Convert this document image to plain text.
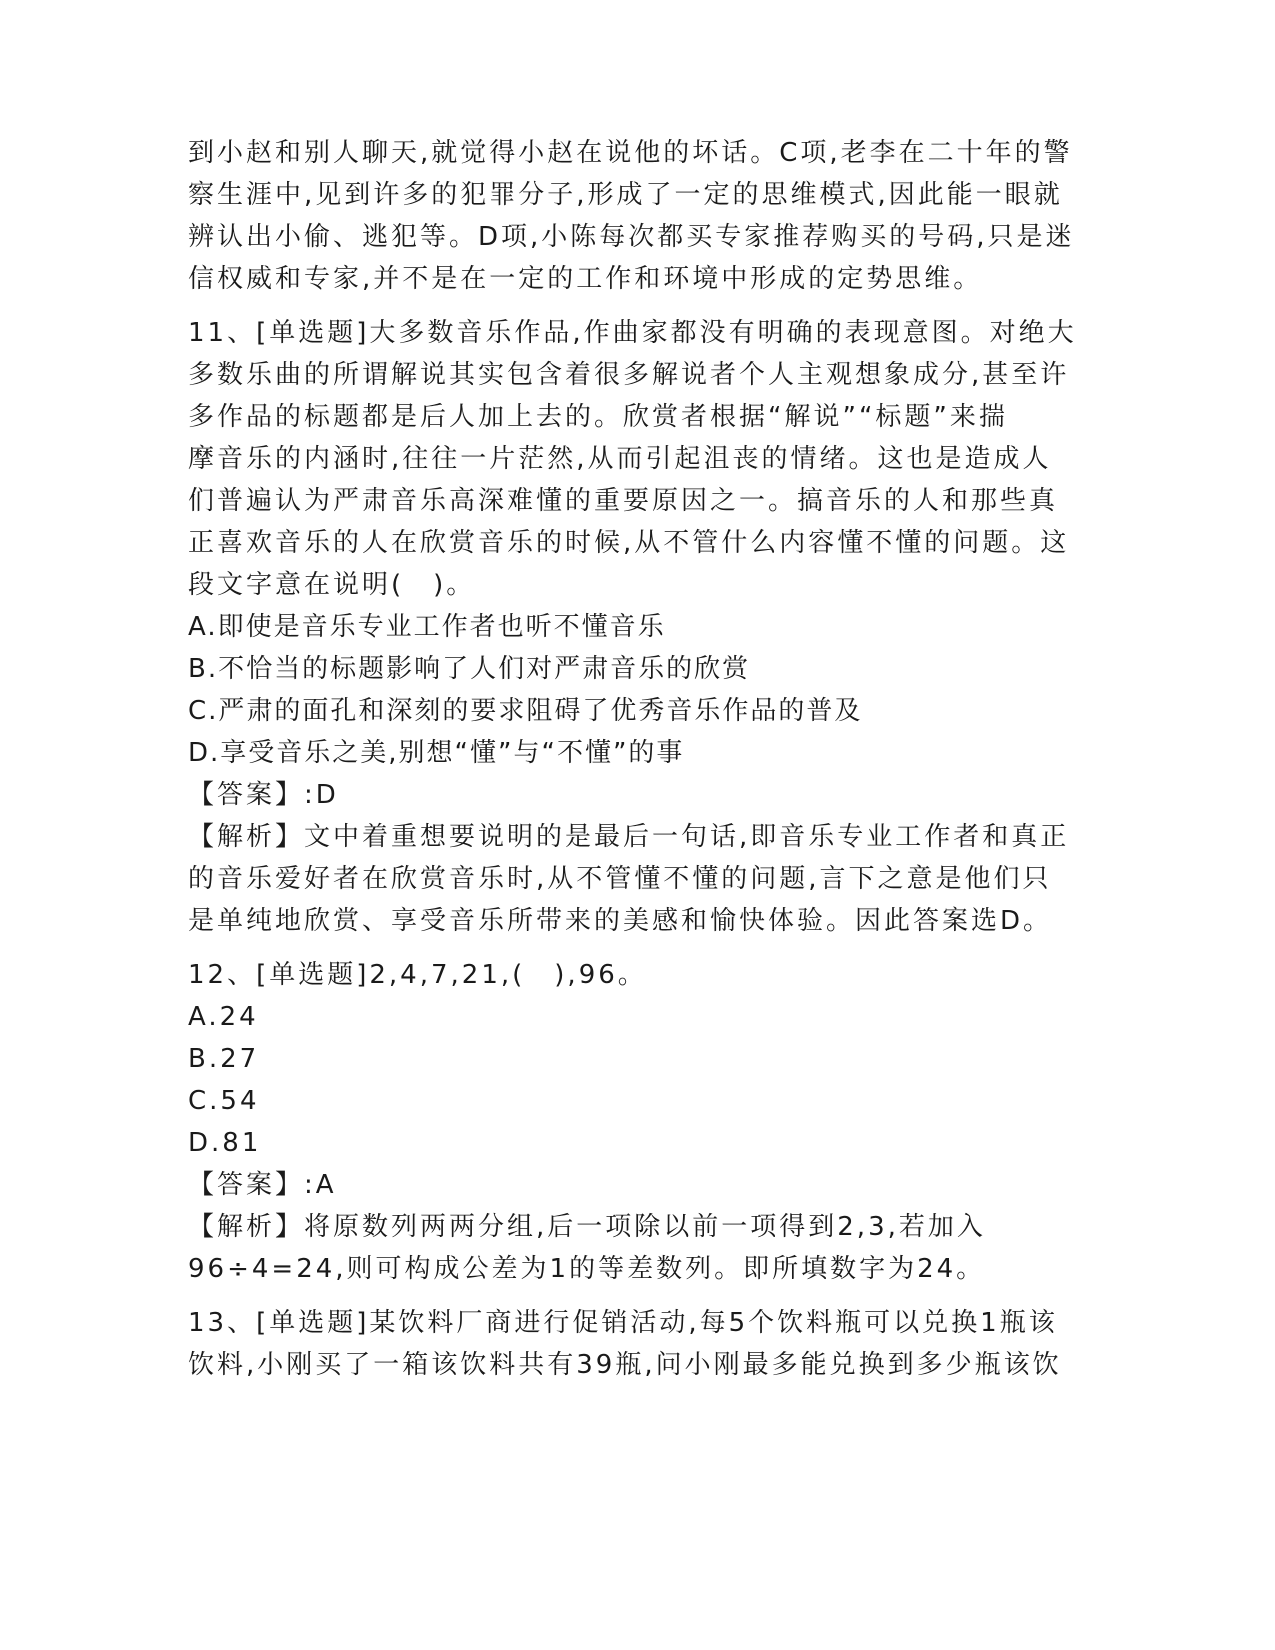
到小赵和别人聊天,就觉得小赵在说他的坏话。C项,老李在二十年的警
察生涯中,见到许多的犯罪分子,形成了一定的思维模式,因此能一眼就
辨认出小偷、逃犯等。D项,小陈每次都买专家推荐购买的号码,只是迷
信权威和专家,并不是在一定的工作和环境中形成的定势思维。
11、[单选题]大多数音乐作品,作曲家都没有明确的表现意图。对绝大
多数乐曲的所谓解说其实包含着很多解说者个人主观想象成分,甚至许
多作品的标题都是后人加上去的。欣赏者根据“解说”“标题”来揣
摩音乐的内涵时,往往一片茫然,从而引起沮丧的情绪。这也是造成人
们普遍认为严肃音乐高深难懂的重要原因之一。搞音乐的人和那些真
正喜欢音乐的人在欣赏音乐的时候,从不管什么内容懂不懂的问题。这
段文字意在说明(　)。
A.即使是音乐专业工作者也听不懂音乐
B.不恰当的标题影响了人们对严肃音乐的欣赏
C.严肃的面孔和深刻的要求阻碍了优秀音乐作品的普及
D.享受音乐之美,别想“懂”与“不懂”的事
【答案】:D
【解析】文中着重想要说明的是最后一句话,即音乐专业工作者和真正
的音乐爱好者在欣赏音乐时,从不管懂不懂的问题,言下之意是他们只
是单纯地欣赏、享受音乐所带来的美感和愉快体验。因此答案选D。
12、[单选题]2,4,7,21,(　),96。
A.24
B.27
C.54
D.81
【答案】:A
【解析】将原数列两两分组,后一项除以前一项得到2,3,若加入
96÷4=24,则可构成公差为1的等差数列。即所填数字为24。
13、[单选题]某饮料厂商进行促销活动,每5个饮料瓶可以兑换1瓶该
饮料,小刚买了一箱该饮料共有39瓶,问小刚最多能兑换到多少瓶该饮
